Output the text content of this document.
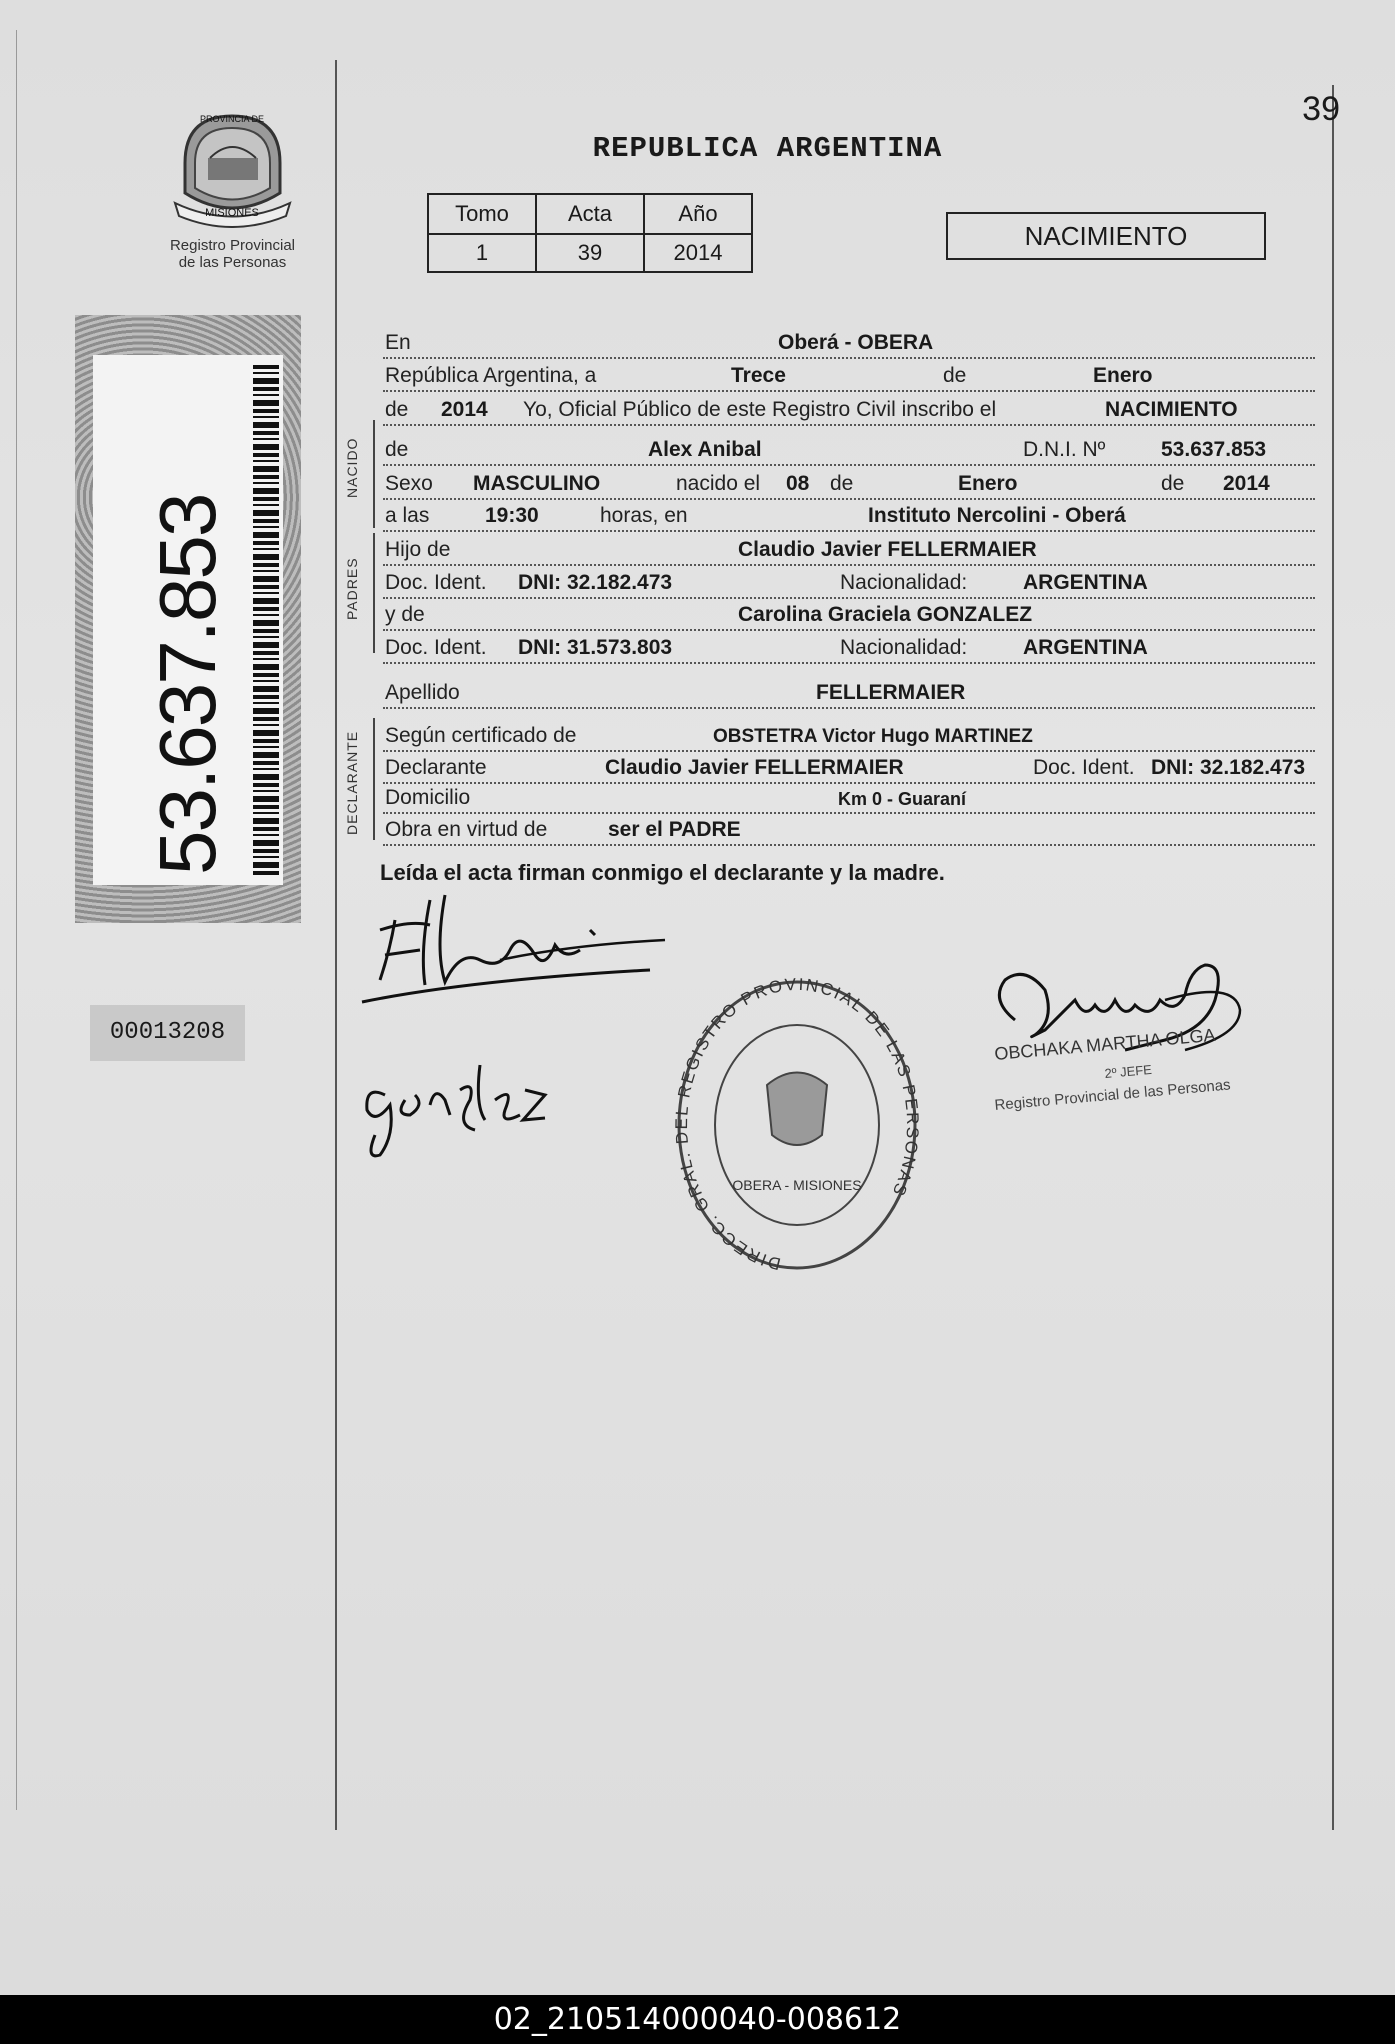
39
REPUBLICA ARGENTINA
PROVINCIA DE
MISIONES
Registro Provincial
de las Personas
Tomo	Acta	Año
1	39	2014
NACIMIENTO
53.637.853
00013208
NACIDO
PADRES
DECLARANTE
En	Oberá - OBERA
República Argentina, a	Trece	de	Enero
de 2014 Yo, Oficial Público de este Registro Civil inscribo el	NACIMIENTO
de	Alex Anibal	D.N.I. Nº	53.637.853
Sexo MASCULINO	nacido el 08 de	Enero	de 2014
a las	19:30	horas, en	Instituto Nercolini - Oberá
Hijo de	Claudio Javier FELLERMAIER
Doc. Ident. DNI: 32.182.473	Nacionalidad:	ARGENTINA
y de	Carolina Graciela GONZALEZ
Doc. Ident. DNI: 31.573.803	Nacionalidad:	ARGENTINA
Apellido	FELLERMAIER
Según certificado de	OBSTETRA Victor Hugo MARTINEZ
Declarante	Claudio Javier FELLERMAIER	Doc. Ident. DNI: 32.182.473
Domicilio	Km 0 - Guaraní
Obra en virtud de	ser el PADRE
Leída el acta firman conmigo el declarante y la madre.
DIRECC. GRAL. DEL REGISTRO PROVINCIAL DE LAS PERSONAS
OBERA - MISIONES
OBCHAKA MARTHA OLGA
2º JEFE
Registro Provincial de las Personas
02_210514000040-008612
